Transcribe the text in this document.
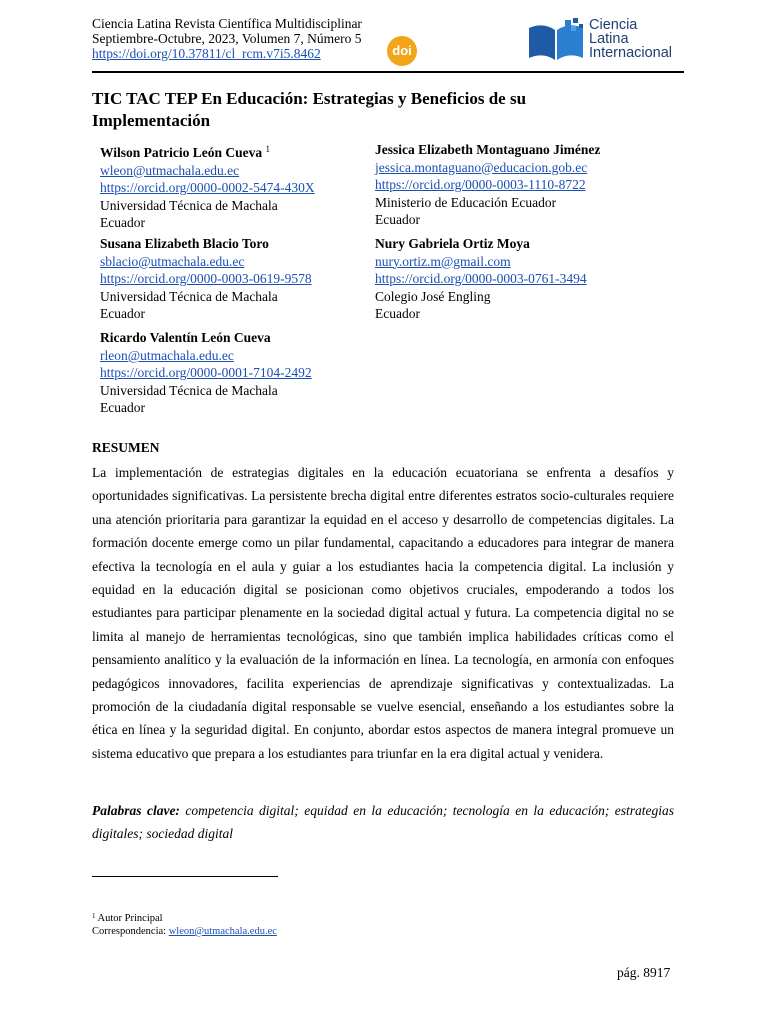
Ciencia Latina Revista Científica Multidisciplinar
Septiembre-Octubre, 2023, Volumen 7, Número 5
https://doi.org/10.37811/cl_rcm.v7i5.8462	doi
Ciencia
Latina
Internacional
TIC TAC TEP En Educación: Estrategias y Beneficios de su
Implementación
Wilson Patricio León Cueva $^1$
wleon@utmachala.edu.ec
https://orcid.org/0000-0002-5474-430X
Universidad Técnica de Machala
Ecuador
Jessica Elizabeth Montaguano Jiménez
jessica.montaguano@educacion.gob.ec
https://orcid.org/0000-0003-1110-8722
Ministerio de Educación Ecuador
Ecuador
Susana Elizabeth Blacio Toro
sblacio@utmachala.edu.ec
https://orcid.org/0000-0003-0619-9578
Universidad Técnica de Machala
Ecuador
Nury Gabriela Ortiz Moya
nury.ortiz.m@gmail.com
https://orcid.org/0000-0003-0761-3494
Colegio José Engling
Ecuador
Ricardo Valentín León Cueva
rleon@utmachala.edu.ec
https://orcid.org/0000-0001-7104-2492
Universidad Técnica de Machala
Ecuador
RESUMEN
La implementación de estrategias digitales en la educación ecuatoriana se enfrenta a desafíos y oportunidades significativas. La persistente brecha digital entre diferentes estratos socio-culturales requiere una atención prioritaria para garantizar la equidad en el acceso y desarrollo de competencias digitales. La formación docente emerge como un pilar fundamental, capacitando a educadores para integrar de manera efectiva la tecnología en el aula y guiar a los estudiantes hacia la competencia digital. La inclusión y equidad en la educación digital se posicionan como objetivos cruciales, empoderando a todos los estudiantes para participar plenamente en la sociedad digital actual y futura. La competencia digital no se limita al manejo de herramientas tecnológicas, sino que también implica habilidades críticas como el pensamiento analítico y la evaluación de la información en línea. La tecnología, en armonía con enfoques pedagógicos innovadores, facilita experiencias de aprendizaje significativas y contextualizadas. La promoción de la ciudadanía digital responsable se vuelve esencial, enseñando a los estudiantes sobre la ética en línea y la seguridad digital. En conjunto, abordar estos aspectos de manera integral promueve un sistema educativo que prepara a los estudiantes para triunfar en la era digital actual y venidera.
Palabras clave: competencia digital; equidad en la educación; tecnología en la educación; estrategias digitales; sociedad digital
$^1$ Autor Principal
Correspondencia: wleon@utmachala.edu.ec
pág. 8917
